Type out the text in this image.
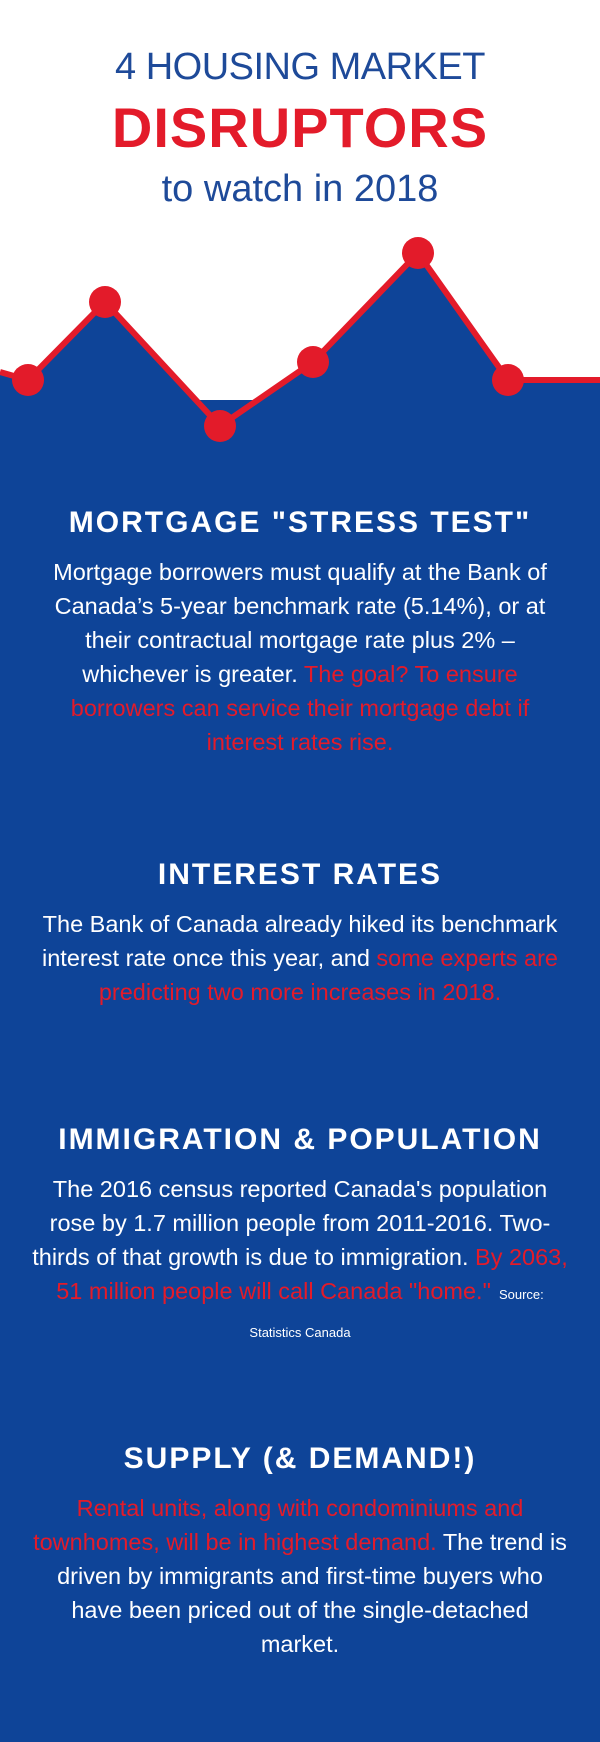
4 HOUSING MARKET
DISRUPTORS
to watch in 2018
MORTGAGE "STRESS TEST"
Mortgage borrowers must qualify at the Bank of Canada’s 5-year benchmark rate (5.14%), or at their contractual mortgage rate plus 2% – whichever is greater. The goal? To ensure borrowers can service their mortgage debt if interest rates rise.
INTEREST RATES
The Bank of Canada already hiked its benchmark interest rate once this year, and some experts are predicting two more increases in 2018.
IMMIGRATION & POPULATION
The 2016 census reported Canada's population rose by 1.7 million people from 2011-2016. Two-thirds of that growth is due to immigration. By 2063, 51 million people will call Canada "home." Source: Statistics Canada
SUPPLY (& DEMAND!)
Rental units, along with condominiums and townhomes, will be in highest demand. The trend is driven by immigrants and first-time buyers who have been priced out of the single-detached market.
